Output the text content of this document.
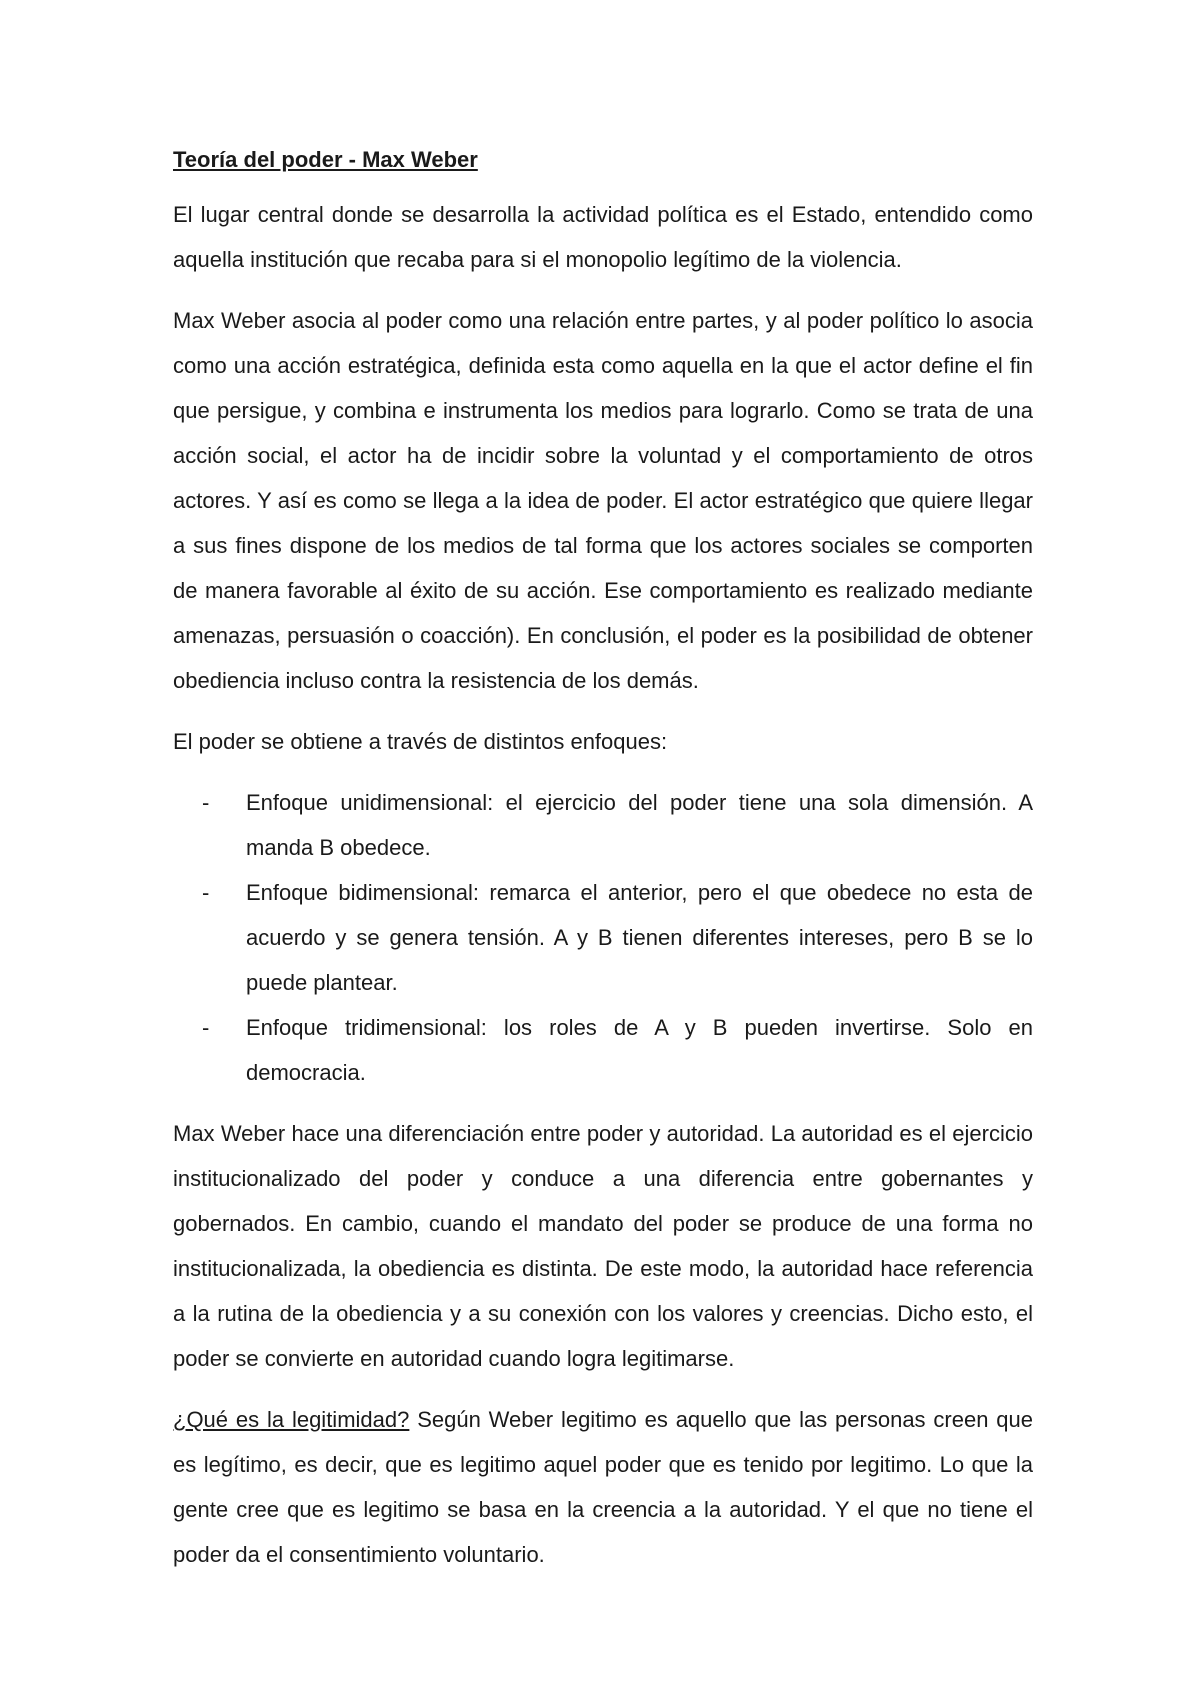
Teoría del poder - Max Weber

El lugar central donde se desarrolla la actividad política es el Estado, entendido como aquella institución que recaba para si el monopolio legítimo de la violencia.

Max Weber asocia al poder como una relación entre partes, y al poder político lo asocia como una acción estratégica, definida esta como aquella en la que el actor define el fin que persigue, y combina e instrumenta los medios para lograrlo. Como se trata de una acción social, el actor ha de incidir sobre la voluntad y el comportamiento de otros actores. Y así es como se llega a la idea de poder. El actor estratégico que quiere llegar a sus fines dispone de los medios de tal forma que los actores sociales se comporten de manera favorable al éxito de su acción. Ese comportamiento es realizado mediante amenazas, persuasión o coacción). En conclusión, el poder es la posibilidad de obtener obediencia incluso contra la resistencia de los demás.

El poder se obtiene a través de distintos enfoques:

- Enfoque unidimensional: el ejercicio del poder tiene una sola dimensión. A manda B obedece.
- Enfoque bidimensional: remarca el anterior, pero el que obedece no esta de acuerdo y se genera tensión. A y B tienen diferentes intereses, pero B se lo puede plantear.
- Enfoque tridimensional: los roles de A y B pueden invertirse. Solo en democracia.

Max Weber hace una diferenciación entre poder y autoridad. La autoridad es el ejercicio institucionalizado del poder y conduce a una diferencia entre gobernantes y gobernados. En cambio, cuando el mandato del poder se produce de una forma no institucionalizada, la obediencia es distinta. De este modo, la autoridad hace referencia a la rutina de la obediencia y a su conexión con los valores y creencias. Dicho esto, el poder se convierte en autoridad cuando logra legitimarse.

¿Qué es la legitimidad? Según Weber legitimo es aquello que las personas creen que es legítimo, es decir, que es legitimo aquel poder que es tenido por legitimo. Lo que la gente cree que es legitimo se basa en la creencia a la autoridad. Y el que no tiene el poder da el consentimiento voluntario.
